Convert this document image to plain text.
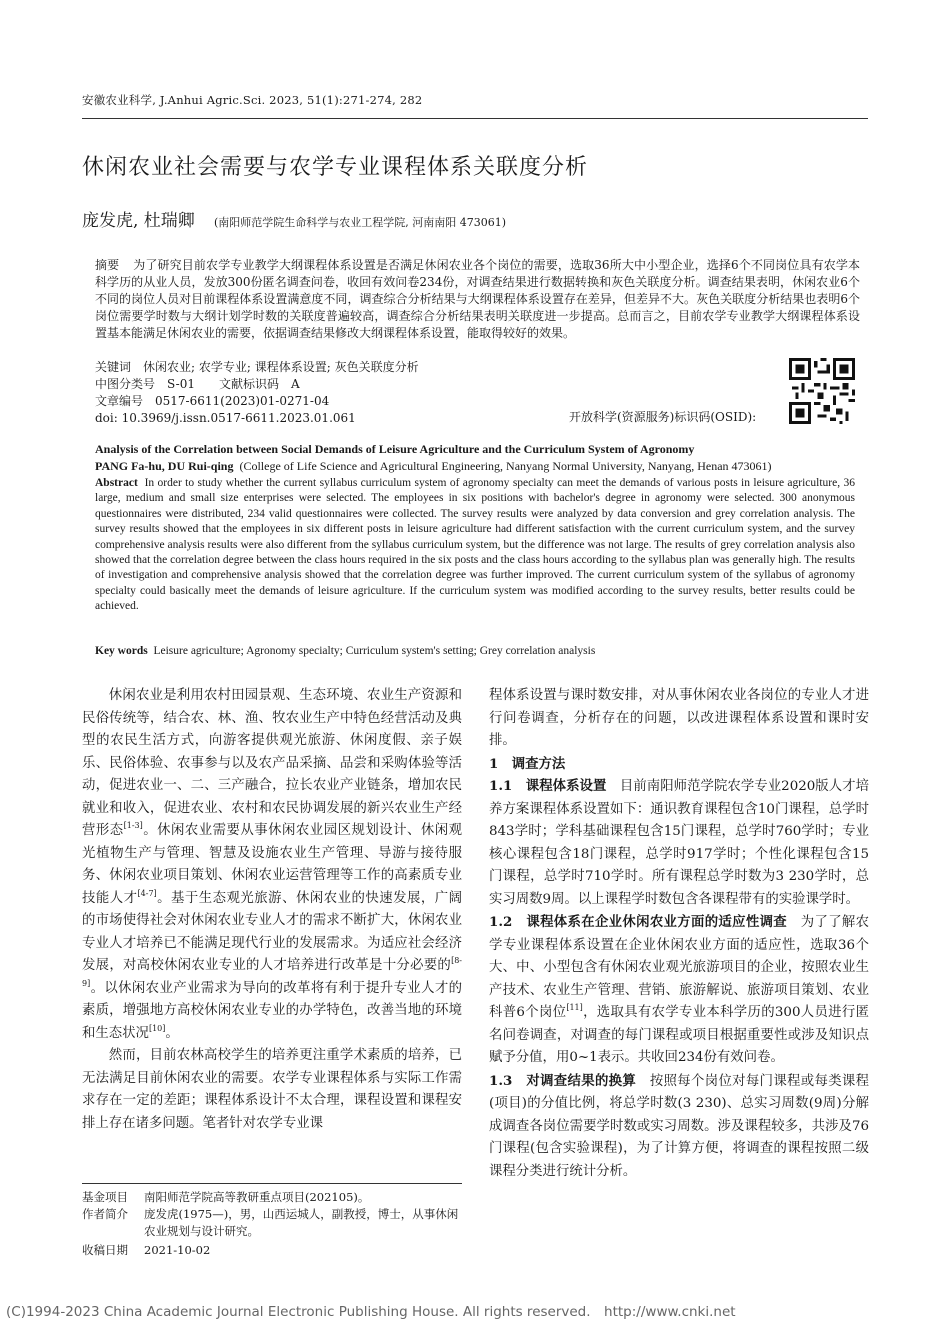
安徽农业科学, J.Anhui Agric.Sci. 2023, 51(1):271-274, 282
休闲农业社会需要与农学专业课程体系关联度分析
庞发虎, 杜瑞卿 (南阳师范学院生命科学与农业工程学院, 河南南阳 473061)
摘要 为了研究目前农学专业教学大纲课程体系设置是否满足休闲农业各个岗位的需要，选取36所大中小型企业，选择6个不同岗位具有农学本科学历的从业人员，发放300份匿名调查问卷，收回有效问卷234份，对调查结果进行数据转换和灰色关联度分析。调查结果表明，休闲农业6个不同的岗位人员对目前课程体系设置满意度不同，调查综合分析结果与大纲课程体系设置存在差异，但差异不大。灰色关联度分析结果也表明6个岗位需要学时数与大纲计划学时数的关联度普遍较高，调查综合分析结果表明关联度进一步提高。总而言之，目前农学专业教学大纲课程体系设置基本能满足休闲农业的需要，依据调查结果修改大纲课程体系设置，能取得较好的效果。
关键词　休闲农业; 农学专业; 课程体系设置; 灰色关联度分析
中图分类号　S-01　　文献标识码　A
文章编号　0517-6611(2023)01-0271-04
doi: 10.3969/j.issn.0517-6611.2023.01.061	开放科学(资源服务)标识码(OSID):
Analysis of the Correlation between Social Demands of Leisure Agriculture and the Curriculum System of Agronomy
PANG Fa-hu, DU Rui-qing (College of Life Science and Agricultural Engineering, Nanyang Normal University, Nanyang, Henan 473061)
Abstract In order to study whether the current syllabus curriculum system of agronomy specialty can meet the demands of various posts in leisure agriculture, 36 large, medium and small size enterprises were selected. The employees in six positions with bachelor's degree in agronomy were selected. 300 anonymous questionnaires were distributed, 234 valid questionnaires were collected. The survey results were analyzed by data conversion and grey correlation analysis. The survey results showed that the employees in six different posts in leisure agriculture had different satisfaction with the current curriculum system, and the survey comprehensive analysis results were also different from the syllabus curriculum system, but the difference was not large. The results of grey correlation analysis also showed that the correlation degree between the class hours required in the six posts and the class hours according to the syllabus plan was generally high. The results of investigation and comprehensive analysis showed that the correlation degree was further improved. The current curriculum system of the syllabus of agronomy specialty could basically meet the demands of leisure agriculture. If the curriculum system was modified according to the survey results, better results could be achieved.
Key words Leisure agriculture; Agronomy specialty; Curriculum system's setting; Grey correlation analysis

休闲农业是利用农村田园景观、生态环境、农业生产资源和民俗传统等，结合农、林、渔、牧农业生产中特色经营活动及典型的农民生活方式，向游客提供观光旅游、休闲度假、亲子娱乐、民俗体验、农事参与以及农产品采摘、品尝和采购体验等活动，促进农业一、二、三产融合，拉长农业产业链条，增加农民就业和收入，促进农业、农村和农民协调发展的新兴农业生产经营形态[1-3]。休闲农业需要从事休闲农业园区规划设计、休闲观光植物生产与管理、智慧及设施农业生产管理、导游与接待服务、休闲农业项目策划、休闲农业运营管理等工作的高素质专业技能人才[4-7]。基于生态观光旅游、休闲农业的快速发展，广阔的市场使得社会对休闲农业专业人才的需求不断扩大，休闲农业专业人才培养已不能满足现代行业的发展需求。为适应社会经济发展，对高校休闲农业专业的人才培养进行改革是十分必要的[8-9]。以休闲农业产业需求为导向的改革将有利于提升专业人才的素质，增强地方高校休闲农业专业的办学特色，改善当地的环境和生态状况[10]。

然而，目前农林高校学生的培养更注重学术素质的培养，已无法满足目前休闲农业的需要。农学专业课程体系与实际工作需求存在一定的差距；课程体系设计不太合理，课程设置和课程安排上存在诸多问题。笔者针对农学专业课

程体系设置与课时数安排，对从事休闲农业各岗位的专业人才进行问卷调查，分析存在的问题，以改进课程体系设置和课时安排。

1　调查方法

1.1　课程体系设置　 目前南阳师范学院农学专业2020版人才培养方案课程体系设置如下：通识教育课程包含10门课程，总学时843学时；学科基础课程包含15门课程，总学时760学时；专业核心课程包含18门课程，总学时917学时；个性化课程包含15门课程，总学时710学时。所有课程总学时数为3 230学时，总实习周数9周。以上课程学时数包含各课程带有的实验课学时。

1.2　课程体系在企业休闲农业方面的适应性调查　 为了了解农学专业课程体系设置在企业休闲农业方面的适应性，选取36个大、中、小型包含有休闲农业观光旅游项目的企业，按照农业生产技术、农业生产管理、营销、旅游解说、旅游项目策划、农业科普6个岗位[11]，选取具有农学专业本科学历的300人员进行匿名问卷调查，对调查的每门课程或项目根据重要性或涉及知识点赋予分值，用0~1表示。共收回234份有效问卷。

1.3　对调查结果的换算　 按照每个岗位对每门课程或每类课程(项目)的分值比例，将总学时数(3 230)、总实习周数(9周)分解成调查各岗位需要学时数或实习周数。涉及课程较多，共涉及76门课程(包含实验课程)，为了计算方便，将调查的课程按照二级课程分类进行统计分析。

基金项目 南阳师范学院高等教研重点项目(202105)。
作者简介 庞发虎(1975—)，男，山西运城人，副教授，博士，从事休闲
农业规划与设计研究。
收稿日期 2021-10-02
(C)1994-2023 China Academic Journal Electronic Publishing House. All rights reserved.　http://www.cnki.net
